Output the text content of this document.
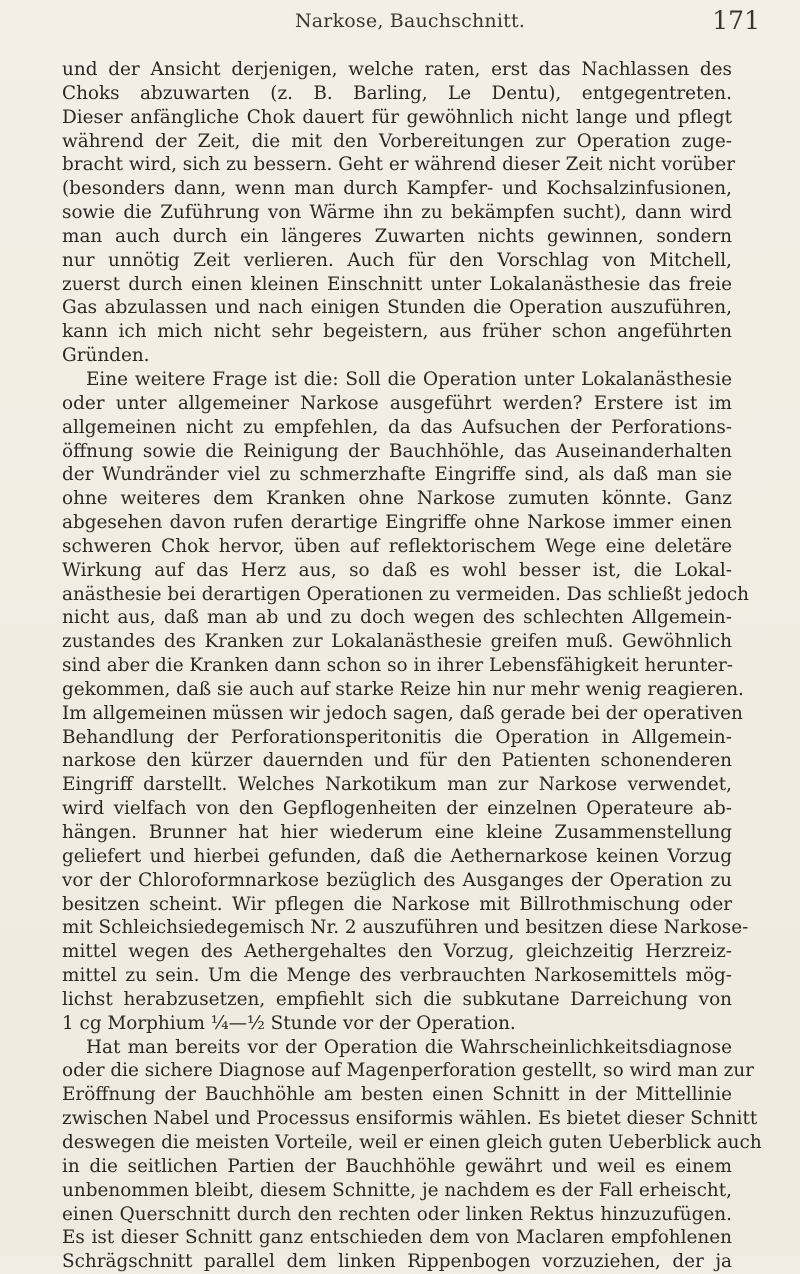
Narkose, Bauchschnitt.	171
und der Ansicht derjenigen, welche raten, erst das Nachlassen des
Choks abzuwarten (z. B. Barling, Le Dentu), entgegentreten.
Dieser anfängliche Chok dauert für gewöhnlich nicht lange und pflegt
während der Zeit, die mit den Vorbereitungen zur Operation zuge-
bracht wird, sich zu bessern. Geht er während dieser Zeit nicht vorüber
(besonders dann, wenn man durch Kampfer- und Kochsalzinfusionen,
sowie die Zuführung von Wärme ihn zu bekämpfen sucht), dann wird
man auch durch ein längeres Zuwarten nichts gewinnen, sondern
nur unnötig Zeit verlieren. Auch für den Vorschlag von Mitchell,
zuerst durch einen kleinen Einschnitt unter Lokalanästhesie das freie
Gas abzulassen und nach einigen Stunden die Operation auszuführen,
kann ich mich nicht sehr begeistern, aus früher schon angeführten
Gründen.
Eine weitere Frage ist die: Soll die Operation unter Lokalanästhesie
oder unter allgemeiner Narkose ausgeführt werden? Erstere ist im
allgemeinen nicht zu empfehlen, da das Aufsuchen der Perforations-
öffnung sowie die Reinigung der Bauchhöhle, das Auseinanderhalten
der Wundränder viel zu schmerzhafte Eingriffe sind, als daß man sie
ohne weiteres dem Kranken ohne Narkose zumuten könnte. Ganz
abgesehen davon rufen derartige Eingriffe ohne Narkose immer einen
schweren Chok hervor, üben auf reflektorischem Wege eine deletäre
Wirkung auf das Herz aus, so daß es wohl besser ist, die Lokal-
anästhesie bei derartigen Operationen zu vermeiden. Das schließt jedoch
nicht aus, daß man ab und zu doch wegen des schlechten Allgemein-
zustandes des Kranken zur Lokalanästhesie greifen muß. Gewöhnlich
sind aber die Kranken dann schon so in ihrer Lebensfähigkeit herunter-
gekommen, daß sie auch auf starke Reize hin nur mehr wenig reagieren.
Im allgemeinen müssen wir jedoch sagen, daß gerade bei der operativen
Behandlung der Perforationsperitonitis die Operation in Allgemein-
narkose den kürzer dauernden und für den Patienten schonenderen
Eingriff darstellt. Welches Narkotikum man zur Narkose verwendet,
wird vielfach von den Gepflogenheiten der einzelnen Operateure ab-
hängen. Brunner hat hier wiederum eine kleine Zusammenstellung
geliefert und hierbei gefunden, daß die Aethernarkose keinen Vorzug
vor der Chloroformnarkose bezüglich des Ausganges der Operation zu
besitzen scheint. Wir pflegen die Narkose mit Billrothmischung oder
mit Schleichsiedegemisch Nr. 2 auszuführen und besitzen diese Narkose-
mittel wegen des Aethergehaltes den Vorzug, gleichzeitig Herzreiz-
mittel zu sein. Um die Menge des verbrauchten Narkosemittels mög-
lichst herabzusetzen, empfiehlt sich die subkutane Darreichung von
1 cg Morphium ¼—½ Stunde vor der Operation.
Hat man bereits vor der Operation die Wahrscheinlichkeitsdiagnose
oder die sichere Diagnose auf Magenperforation gestellt, so wird man zur
Eröffnung der Bauchhöhle am besten einen Schnitt in der Mittellinie
zwischen Nabel und Processus ensiformis wählen. Es bietet dieser Schnitt
deswegen die meisten Vorteile, weil er einen gleich guten Ueberblick auch
in die seitlichen Partien der Bauchhöhle gewährt und weil es einem
unbenommen bleibt, diesem Schnitte, je nachdem es der Fall erheischt,
einen Querschnitt durch den rechten oder linken Rektus hinzuzufügen.
Es ist dieser Schnitt ganz entschieden dem von Maclaren empfohlenen
Schrägschnitt parallel dem linken Rippenbogen vorzuziehen, der ja
